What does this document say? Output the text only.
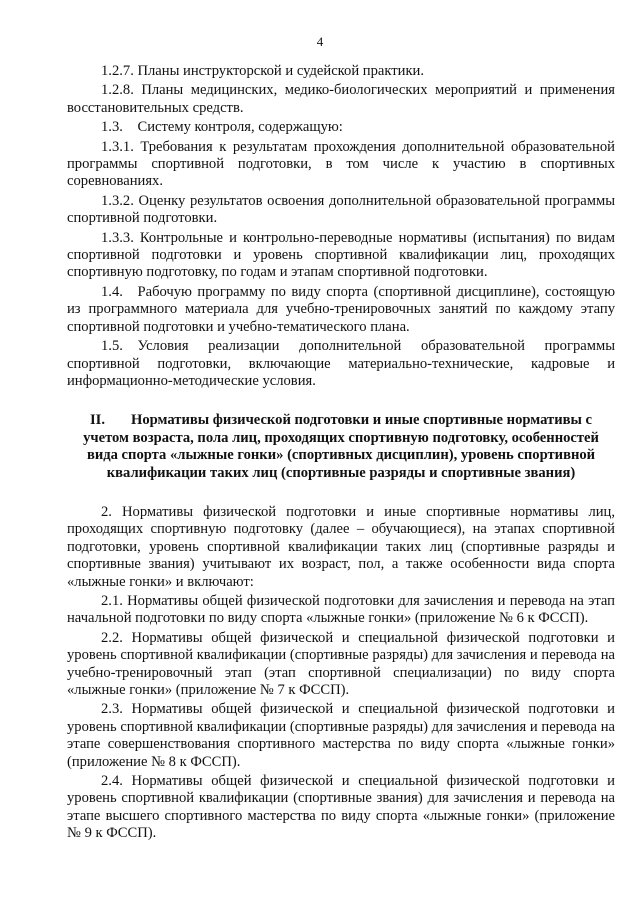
4

1.2.7. Планы инструкторской и судейской практики.

1.2.8. Планы медицинских, медико-биологических мероприятий и применения восстановительных средств.

1.3. Систему контроля, содержащую:

1.3.1. Требования к результатам прохождения дополнительной образовательной программы спортивной подготовки, в том числе к участию в спортивных соревнованиях.

1.3.2. Оценку результатов освоения дополнительной образовательной программы спортивной подготовки.

1.3.3. Контрольные и контрольно-переводные нормативы (испытания) по видам спортивной подготовки и уровень спортивной квалификации лиц, проходящих спортивную подготовку, по годам и этапам спортивной подготовки.

1.4. Рабочую программу по виду спорта (спортивной дисциплине), состоящую из программного материала для учебно-тренировочных занятий по каждому этапу спортивной подготовки и учебно-тематического плана.

1.5. Условия реализации дополнительной образовательной программы спортивной подготовки, включающие материально-технические, кадровые и информационно-методические условия.

II. Нормативы физической подготовки и иные спортивные нормативы с учетом возраста, пола лиц, проходящих спортивную подготовку, особенностей вида спорта «лыжные гонки» (спортивных дисциплин), уровень спортивной квалификации таких лиц (спортивные разряды и спортивные звания)

2. Нормативы физической подготовки и иные спортивные нормативы лиц, проходящих спортивную подготовку (далее – обучающиеся), на этапах спортивной подготовки, уровень спортивной квалификации таких лиц (спортивные разряды и спортивные звания) учитывают их возраст, пол, а также особенности вида спорта «лыжные гонки» и включают:

2.1. Нормативы общей физической подготовки для зачисления и перевода на этап начальной подготовки по виду спорта «лыжные гонки» (приложение № 6 к ФССП).

2.2. Нормативы общей физической и специальной физической подготовки и уровень спортивной квалификации (спортивные разряды) для зачисления и перевода на учебно-тренировочный этап (этап спортивной специализации) по виду спорта «лыжные гонки» (приложение № 7 к ФССП).

2.3. Нормативы общей физической и специальной физической подготовки и уровень спортивной квалификации (спортивные разряды) для зачисления и перевода на этапе совершенствования спортивного мастерства по виду спорта «лыжные гонки» (приложение № 8 к ФССП).

2.4. Нормативы общей физической и специальной физической подготовки и уровень спортивной квалификации (спортивные звания) для зачисления и перевода на этапе высшего спортивного мастерства по виду спорта «лыжные гонки» (приложение № 9 к ФССП).
